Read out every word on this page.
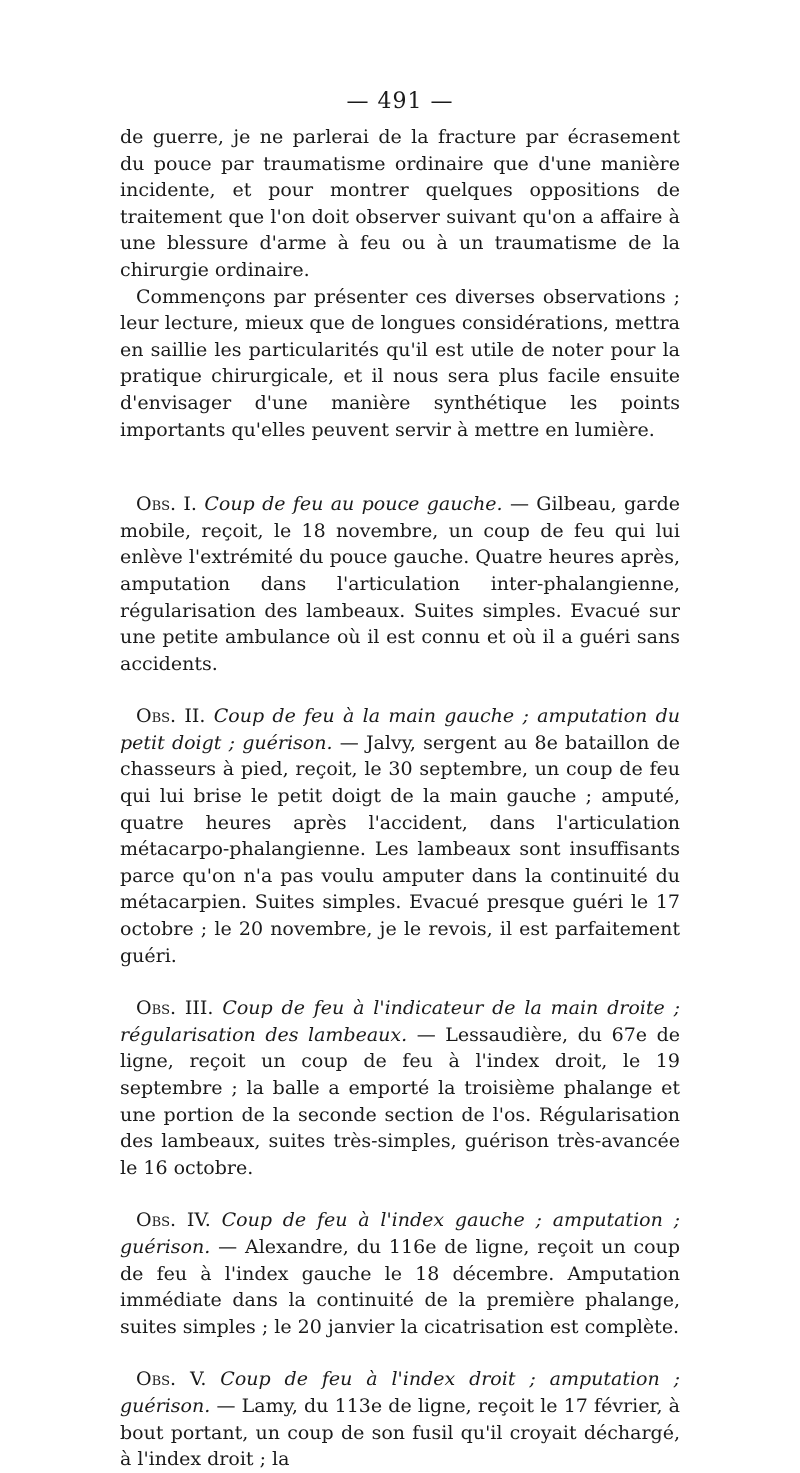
— 491 —

de guerre, je ne parlerai de la fracture par écrasement du pouce par traumatisme ordinaire que d'une manière incidente, et pour montrer quelques oppositions de traitement que l'on doit observer suivant qu'on a affaire à une blessure d'arme à feu ou à un traumatisme de la chirurgie ordinaire.

Commençons par présenter ces diverses observations ; leur lecture, mieux que de longues considérations, mettra en saillie les particularités qu'il est utile de noter pour la pratique chirurgicale, et il nous sera plus facile ensuite d'envisager d'une manière synthétique les points importants qu'elles peuvent servir à mettre en lumière.

Obs. I. Coup de feu au pouce gauche. — Gilbeau, garde mobile, reçoit, le 18 novembre, un coup de feu qui lui enlève l'extrémité du pouce gauche. Quatre heures après, amputation dans l'articulation inter-phalangienne, régularisation des lambeaux. Suites simples. Evacué sur une petite ambulance où il est connu et où il a guéri sans accidents.

Obs. II. Coup de feu à la main gauche ; amputation du petit doigt ; guérison. — Jalvy, sergent au 8e bataillon de chasseurs à pied, reçoit, le 30 septembre, un coup de feu qui lui brise le petit doigt de la main gauche ; amputé, quatre heures après l'accident, dans l'articulation métacarpo-phalangienne. Les lambeaux sont insuffisants parce qu'on n'a pas voulu amputer dans la continuité du métacarpien. Suites simples. Evacué presque guéri le 17 octobre ; le 20 novembre, je le revois, il est parfaitement guéri.

Obs. III. Coup de feu à l'indicateur de la main droite ; régularisation des lambeaux. — Lessaudière, du 67e de ligne, reçoit un coup de feu à l'index droit, le 19 septembre ; la balle a emporté la troisième phalange et une portion de la seconde section de l'os. Régularisation des lambeaux, suites très-simples, guérison très-avancée le 16 octobre.

Obs. IV. Coup de feu à l'index gauche ; amputation ; guérison. — Alexandre, du 116e de ligne, reçoit un coup de feu à l'index gauche le 18 décembre. Amputation immédiate dans la continuité de la première phalange, suites simples ; le 20 janvier la cicatrisation est complète.

Obs. V. Coup de feu à l'index droit ; amputation ; guérison. — Lamy, du 113e de ligne, reçoit le 17 février, à bout portant, un coup de son fusil qu'il croyait déchargé, à l'index droit ; la
